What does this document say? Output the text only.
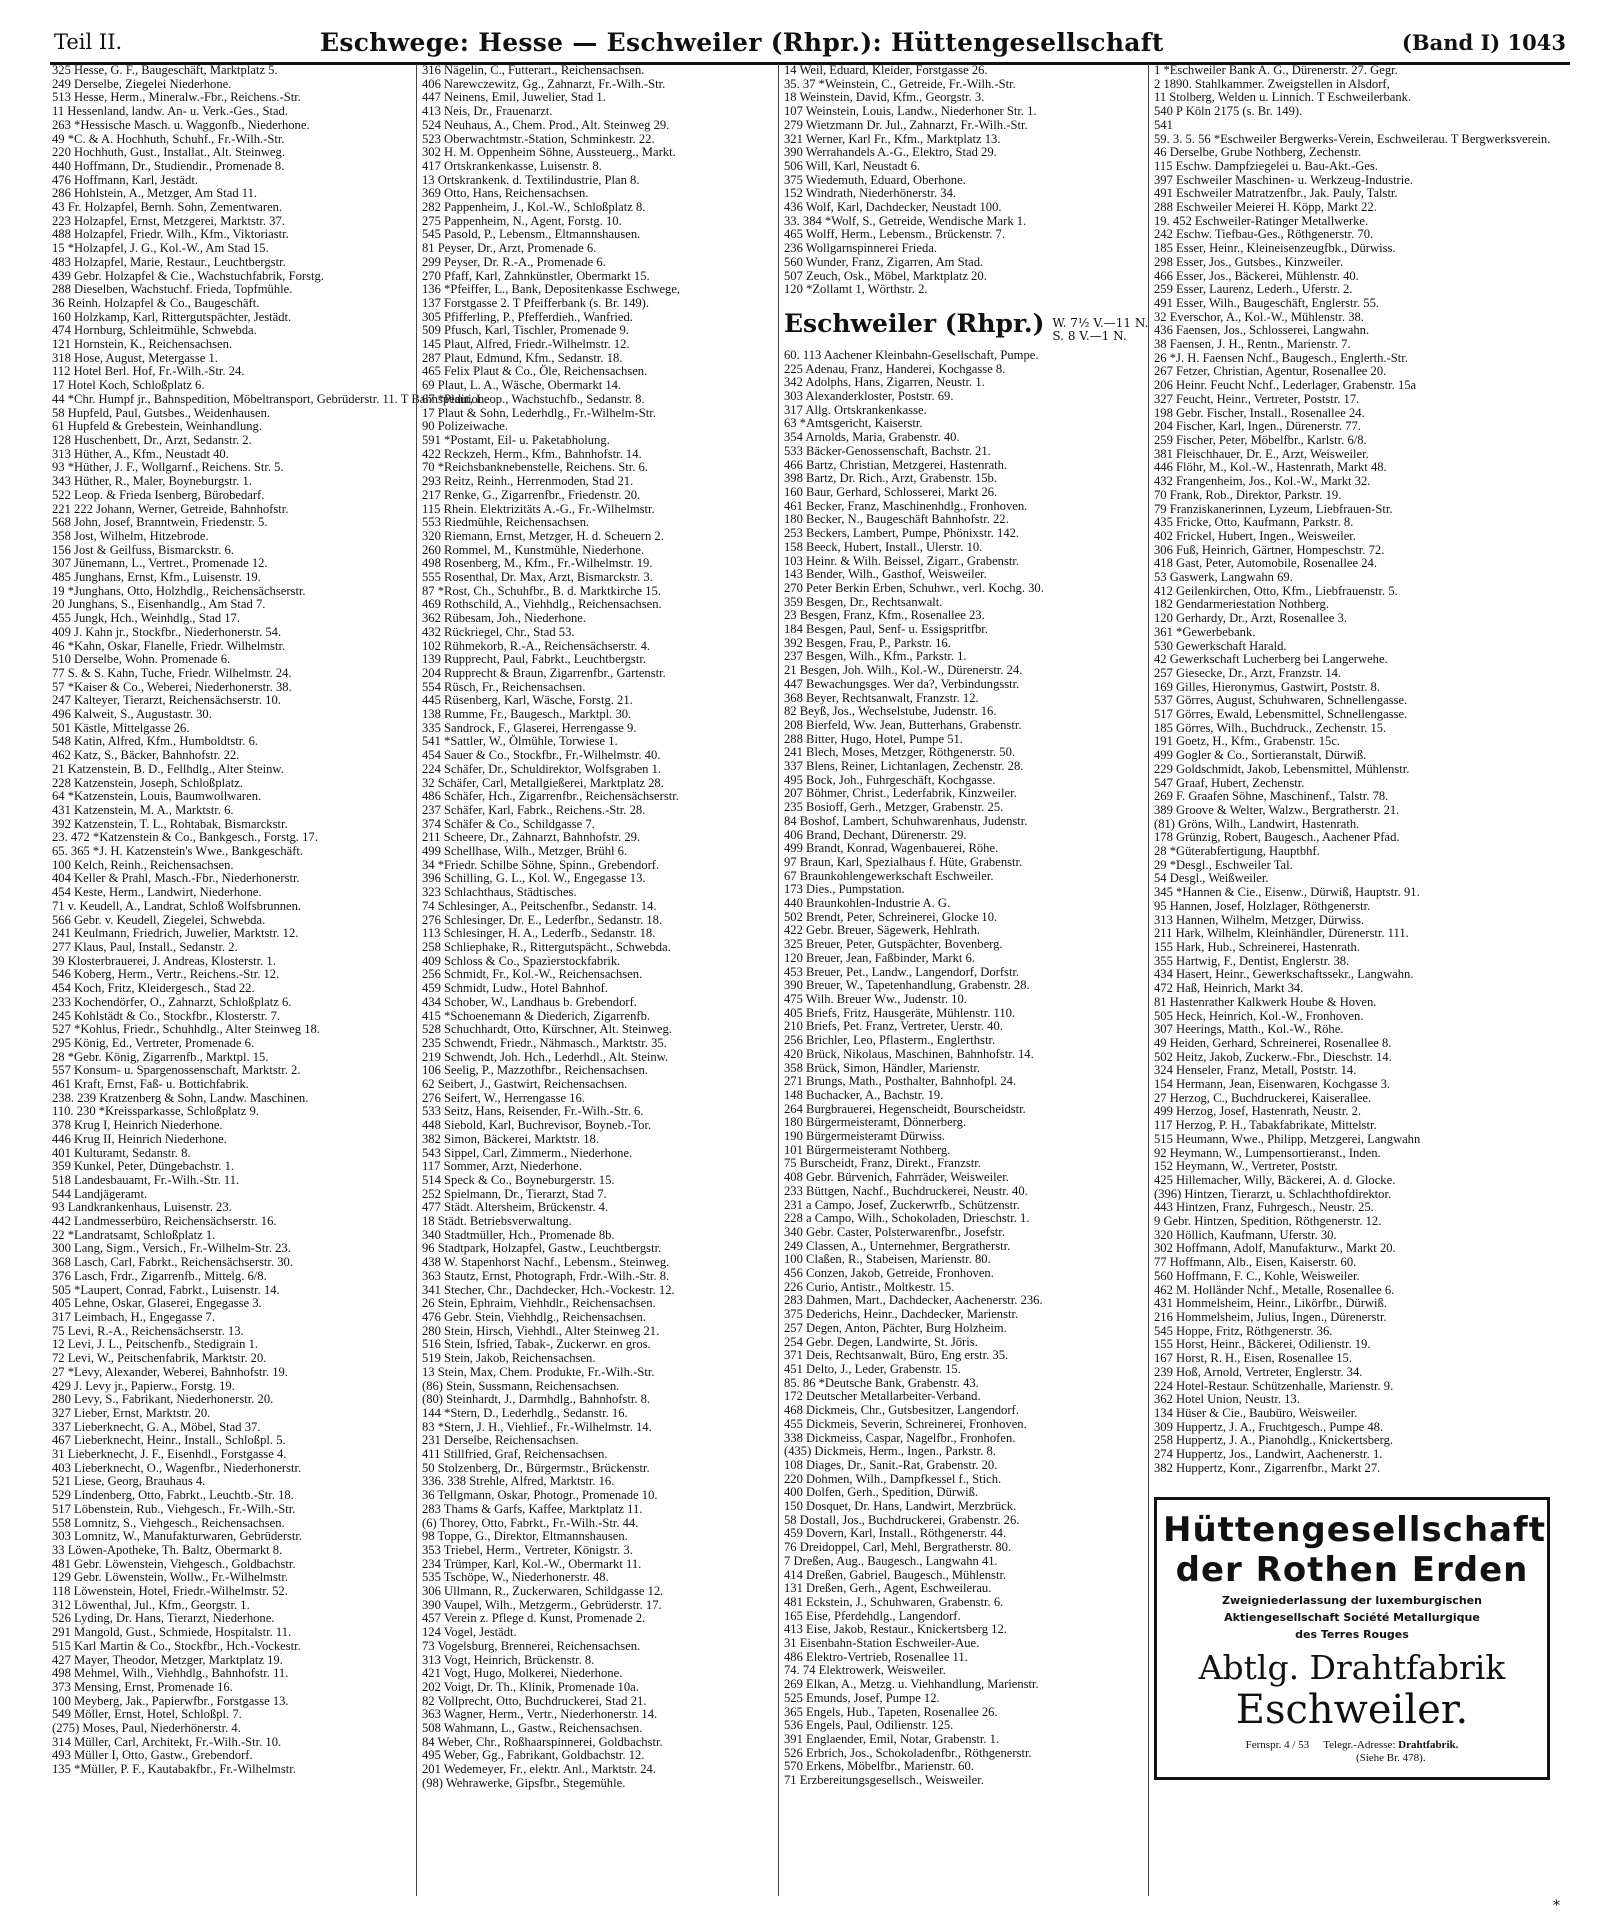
Teil II.	Eschwege: Hesse — Eschweiler (Rhpr.): Hüttengesellschaft	(Band I) 1043
325 Hesse, G. F., Baugeschäft, Marktplatz 5.
249 Derselbe, Ziegelei Niederhone.
513 Hesse, Herm., Mineralw.-Fbr., Reichens.-Str.
11 Hessenland, landw. An- u. Verk.-Ges., Stad.
263 *Hessische Masch. u. Waggonfb., Niederhone.
49 *C. & A. Hochhuth, Schuhf., Fr.-Wilh.-Str.
220 Hochhuth, Gust., Installat., Alt. Steinweg.
440 Hoffmann, Dr., Studiendir., Promenade 8.
476 Hoffmann, Karl, Jestädt.
286 Hohlstein, A., Metzger, Am Stad 11.
43 Fr. Holzapfel, Bernh. Sohn, Zementwaren.
223 Holzapfel, Ernst, Metzgerei, Marktstr. 37.
488 Holzapfel, Friedr. Wilh., Kfm., Viktoriastr.
15 *Holzapfel, J. G., Kol.-W., Am Stad 15.
483 Holzapfel, Marie, Restaur., Leuchtbergstr.
439 Gebr. Holzapfel & Cie., Wachstuchfabrik, Forstg.
288 Dieselben, Wachstuchf. Frieda, Topfmühle.
36 Reinh. Holzapfel & Co., Baugeschäft.
160 Holzkamp, Karl, Rittergutspächter, Jestädt.
474 Hornburg, Schleitmühle, Schwebda.
121 Hornstein, K., Reichensachsen.
318 Hose, August, Metergasse 1.
112 Hotel Berl. Hof, Fr.-Wilh.-Str. 24.
17 Hotel Koch, Schloßplatz 6.
44 *Chr. Humpf jr., Bahnspedition, Möbeltransport, Gebrüderstr. 11. T Bahnspedition.
58 Hupfeld, Paul, Gutsbes., Weidenhausen.
61 Hupfeld & Grebestein, Weinhandlung.
128 Huschenbett, Dr., Arzt, Sedanstr. 2.
313 Hüther, A., Kfm., Neustadt 40.
93 *Hüther, J. F., Wollgarnf., Reichens. Str. 5.
343 Hüther, R., Maler, Boyneburgstr. 1.
522 Leop. & Frieda Isenberg, Bürobedarf.
221 222 Johann, Werner, Getreide, Bahnhofstr.
568 John, Josef, Branntwein, Friedenstr. 5.
358 Jost, Wilhelm, Hitzebrode.
156 Jost & Geilfuss, Bismarckstr. 6.
307 Jünemann, L., Vertret., Promenade 12.
485 Junghans, Ernst, Kfm., Luisenstr. 19.
19 *Junghans, Otto, Holzhdlg., Reichensächserstr.
20 Junghans, S., Eisenhandlg., Am Stad 7.
455 Jungk, Hch., Weinhdlg., Stad 17.
409 J. Kahn jr., Stockfbr., Niederhonerstr. 54.
46 *Kahn, Oskar, Flanelle, Friedr. Wilhelmstr.
510 Derselbe, Wohn. Promenade 6.
77 S. & S. Kahn, Tuche, Friedr. Wilhelmstr. 24.
57 *Kaiser & Co., Weberei, Niederhonerstr. 38.
247 Kalteyer, Tierarzt, Reichensächserstr. 10.
496 Kalweit, S., Augustastr. 30.
501 Kästle, Mittelgasse 26.
548 Katin, Alfred, Kfm., Humboldtstr. 6.
462 Katz, S., Bäcker, Bahnhofstr. 22.
21 Katzenstein, B. D., Fellhdlg., Alter Steinw.
228 Katzenstein, Joseph, Schloßplatz.
64 *Katzenstein, Louis, Baumwollwaren.
431 Katzenstein, M. A., Marktstr. 6.
392 Katzenstein, T. L., Rohtabak, Bismarckstr.
23. 472 *Katzenstein & Co., Bankgesch., Forstg. 17.
65. 365 *J. H. Katzenstein's Wwe., Bankgeschäft.
100 Kelch, Reinh., Reichensachsen.
404 Keller & Prahl, Masch.-Fbr., Niederhonerstr.
454 Keste, Herm., Landwirt, Niederhone.
71 v. Keudell, A., Landrat, Schloß Wolfsbrunnen.
566 Gebr. v. Keudell, Ziegelei, Schwebda.
241 Keulmann, Friedrich, Juwelier, Marktstr. 12.
277 Klaus, Paul, Install., Sedanstr. 2.
39 Klosterbrauerei, J. Andreas, Klosterstr. 1.
546 Koberg, Herm., Vertr., Reichens.-Str. 12.
454 Koch, Fritz, Kleidergesch., Stad 22.
233 Kochendörfer, O., Zahnarzt, Schloßplatz 6.
245 Kohlstädt & Co., Stockfbr., Klosterstr. 7.
527 *Kohlus, Friedr., Schuhhdlg., Alter Steinweg 18.
295 König, Ed., Vertreter, Promenade 6.
28 *Gebr. König, Zigarrenfb., Marktpl. 15.
557 Konsum- u. Spargenossenschaft, Marktstr. 2.
461 Kraft, Ernst, Faß- u. Bottichfabrik.
238. 239 Kratzenberg & Sohn, Landw. Maschinen.
110. 230 *Kreissparkasse, Schloßplatz 9.
378 Krug I, Heinrich Niederhone.
446 Krug II, Heinrich Niederhone.
401 Kulturamt, Sedanstr. 8.
359 Kunkel, Peter, Düngebachstr. 1.
518 Landesbauamt, Fr.-Wilh.-Str. 11.
544 Landjägeramt.
93 Landkrankenhaus, Luisenstr. 23.
442 Landmesserbüro, Reichensächserstr. 16.
22 *Landratsamt, Schloßplatz 1.
300 Lang, Sigm., Versich., Fr.-Wilhelm-Str. 23.
368 Lasch, Carl, Fabrkt., Reichensächserstr. 30.
376 Lasch, Frdr., Zigarrenfb., Mittelg. 6/8.
505 *Laupert, Conrad, Fabrkt., Luisenstr. 14.
405 Lehne, Oskar, Glaserei, Engegasse 3.
317 Leimbach, H., Engegasse 7.
75 Levi, R.-A., Reichensächserstr. 13.
12 Levi, J. L., Peitschenfb., Stedigrain 1.
72 Levi, W., Peitschenfabrik, Marktstr. 20.
27 *Levy, Alexander, Weberei, Bahnhofstr. 19.
429 J. Levy jr., Papierw., Forstg. 19.
280 Levy, S., Fabrikant, Niederhonerstr. 20.
327 Lieber, Ernst, Marktstr. 20.
337 Lieberknecht, G. A., Möbel, Stad 37.
467 Lieberknecht, Heinr., Install., Schloßpl. 5.
31 Lieberknecht, J. F., Eisenhdl., Forstgasse 4.
403 Lieberknecht, O., Wagenfbr., Niederhonerstr.
521 Liese, Georg, Brauhaus 4.
529 Lindenberg, Otto, Fabrkt., Leuchtb.-Str. 18.
517 Löbenstein, Rub., Viehgesch., Fr.-Wilh.-Str.
558 Lomnitz, S., Viehgesch., Reichensachsen.
303 Lomnitz, W., Manufakturwaren, Gebrüderstr.
33 Löwen-Apotheke, Th. Baltz, Obermarkt 8.
481 Gebr. Löwenstein, Viehgesch., Goldbachstr.
129 Gebr. Löwenstein, Wollw., Fr.-Wilhelmstr.
118 Löwenstein, Hotel, Friedr.-Wilhelmstr. 52.
312 Löwenthal, Jul., Kfm., Georgstr. 1.
526 Lyding, Dr. Hans, Tierarzt, Niederhone.
291 Mangold, Gust., Schmiede, Hospitalstr. 11.
515 Karl Martin & Co., Stockfbr., Hch.-Vockestr.
427 Mayer, Theodor, Metzger, Marktplatz 19.
498 Mehmel, Wilh., Viehhdlg., Bahnhofstr. 11.
373 Mensing, Ernst, Promenade 16.
100 Meyberg, Jak., Papierwfbr., Forstgasse 13.
549 Möller, Ernst, Hotel, Schloßpl. 7.
(275) Moses, Paul, Niederhönerstr. 4.
314 Müller, Carl, Architekt, Fr.-Wilh.-Str. 10.
493 Müller I, Otto, Gastw., Grebendorf.
135 *Müller, P. F., Kautabakfbr., Fr.-Wilhelmstr.
316 Nägelin, C., Futterart., Reichensachsen.
406 Narewczewitz, Gg., Zahnarzt, Fr.-Wilh.-Str.
447 Neinens, Emil, Juwelier, Stad 1.
413 Neis, Dr., Frauenarzt.
524 Neuhaus, A., Chem. Prod., Alt. Steinweg 29.
523 Oberwachtmstr.-Station, Schminkestr. 22.
302 H. M. Oppenheim Söhne, Aussteuerg., Markt.
417 Ortskrankenkasse, Luisenstr. 8.
13 Ortskrankenk. d. Textilindustrie, Plan 8.
369 Otto, Hans, Reichensachsen.
282 Pappenheim, J., Kol.-W., Schloßplatz 8.
275 Pappenheim, N., Agent, Forstg. 10.
545 Pasold, P., Lebensm., Eltmannshausen.
81 Peyser, Dr., Arzt, Promenade 6.
299 Peyser, Dr. R.-A., Promenade 6.
270 Pfaff, Karl, Zahnkünstler, Obermarkt 15.
136 *Pfeiffer, L., Bank, Depositenkasse Eschwege,
137 Forstgasse 2. T Pfeifferbank (s. Br. 149).
305 Pfifferling, P., Pfefferdieh., Wanfried.
509 Pfusch, Karl, Tischler, Promenade 9.
145 Plaut, Alfred, Friedr.-Wilhelmstr. 12.
287 Plaut, Edmund, Kfm., Sedanstr. 18.
465 Felix Plaut & Co., Öle, Reichensachsen.
69 Plaut, L. A., Wäsche, Obermarkt 14.
67 *Plaut, Leop., Wachstuchfb., Sedanstr. 8.
17 Plaut & Sohn, Lederhdlg., Fr.-Wilhelm-Str.
90 Polizeiwache.
591 *Postamt, Eil- u. Paketabholung.
422 Reckzeh, Herm., Kfm., Bahnhofstr. 14.
70 *Reichsbanknebenstelle, Reichens. Str. 6.
293 Reitz, Reinh., Herrenmoden, Stad 21.
217 Renke, G., Zigarrenfbr., Friedenstr. 20.
115 Rhein. Elektrizitäts A.-G., Fr.-Wilhelmstr.
553 Riedmühle, Reichensachsen.
320 Riemann, Ernst, Metzger, H. d. Scheuern 2.
260 Rommel, M., Kunstmühle, Niederhone.
498 Rosenberg, M., Kfm., Fr.-Wilhelmstr. 19.
555 Rosenthal, Dr. Max, Arzt, Bismarckstr. 3.
87 *Rost, Ch., Schuhfbr., B. d. Marktkirche 15.
469 Rothschild, A., Viehhdlg., Reichensachsen.
362 Rübesam, Joh., Niederhone.
432 Rückriegel, Chr., Stad 53.
102 Rühmekorb, R.-A., Reichensächserstr. 4.
139 Rupprecht, Paul, Fabrkt., Leuchtbergstr.
204 Rupprecht & Braun, Zigarrenfbr., Gartenstr.
554 Rüsch, Fr., Reichensachsen.
445 Rüsenberg, Karl, Wäsche, Forstg. 21.
138 Rumme, Fr., Baugesch., Marktpl. 30.
335 Sandrock, F., Glaserei, Herrengasse 9.
541 *Sattler, W., Ölmühle, Torwiese 1.
454 Sauer & Co., Stockfbr., Fr.-Wilhelmstr. 40.
224 Schäfer, Dr., Schuldirektor, Wolfsgraben 1.
32 Schäfer, Carl, Metallgießerei, Marktplatz 28.
486 Schäfer, Hch., Zigarrenfbr., Reichensächserstr.
237 Schäfer, Karl, Fabrk., Reichens.-Str. 28.
374 Schäfer & Co., Schildgasse 7.
211 Scheere, Dr., Zahnarzt, Bahnhofstr. 29.
499 Schellhase, Wilh., Metzger, Brühl 6.
34 *Friedr. Schilbe Söhne, Spinn., Grebendorf.
396 Schilling, G. L., Kol. W., Engegasse 13.
323 Schlachthaus, Städtisches.
74 Schlesinger, A., Peitschenfbr., Sedanstr. 14.
276 Schlesinger, Dr. E., Lederfbr., Sedanstr. 18.
113 Schlesinger, H. A., Lederfb., Sedanstr. 18.
258 Schliephake, R., Rittergutspächt., Schwebda.
409 Schloss & Co., Spazierstockfabrik.
256 Schmidt, Fr., Kol.-W., Reichensachsen.
459 Schmidt, Ludw., Hotel Bahnhof.
434 Schober, W., Landhaus b. Grebendorf.
415 *Schoenemann & Diederich, Zigarrenfb.
528 Schuchhardt, Otto, Kürschner, Alt. Steinweg.
235 Schwendt, Friedr., Nähmasch., Marktstr. 35.
219 Schwendt, Joh. Hch., Lederhdl., Alt. Steinw.
106 Seelig, P., Mazzothfbr., Reichensachsen.
62 Seibert, J., Gastwirt, Reichensachsen.
276 Seifert, W., Herrengasse 16.
533 Seitz, Hans, Reisender, Fr.-Wilh.-Str. 6.
448 Siebold, Karl, Buchrevisor, Boyneb.-Tor.
382 Simon, Bäckerei, Marktstr. 18.
543 Sippel, Carl, Zimmerm., Niederhone.
117 Sommer, Arzt, Niederhone.
514 Speck & Co., Boyneburgerstr. 15.
252 Spielmann, Dr., Tierarzt, Stad 7.
477 Städt. Altersheim, Brückenstr. 4.
18 Städt. Betriebsverwaltung.
340 Stadtmüller, Hch., Promenade 8b.
96 Stadtpark, Holzapfel, Gastw., Leuchtbergstr.
438 W. Stapenhorst Nachf., Lebensm., Steinweg.
363 Stautz, Ernst, Photograph, Frdr.-Wilh.-Str. 8.
341 Stecher, Chr., Dachdecker, Hch.-Vockestr. 12.
26 Stein, Ephraim, Viehhdlr., Reichensachsen.
476 Gebr. Stein, Viehhdlg., Reichensachsen.
280 Stein, Hirsch, Viehhdl., Alter Steinweg 21.
516 Stein, Isfried, Tabak-, Zuckerwr. en gros.
519 Stein, Jakob, Reichensachsen.
13 Stein, Max, Chem. Produkte, Fr.-Wilh.-Str.
(86) Stein, Sussmann, Reichensachsen.
(80) Steinhardt, J., Darmhdlg., Bahnhofstr. 8.
144 *Stern, D., Lederhdlg., Sedanstr. 16.
83 *Stern, J. H., Viehlief., Fr.-Wilhelmstr. 14.
231 Derselbe, Reichensachsen.
411 Stillfried, Graf, Reichensachsen.
50 Stolzenberg, Dr., Bürgermstr., Brückenstr.
336. 338 Strehle, Alfred, Marktstr. 16.
36 Tellgmann, Oskar, Photogr., Promenade 10.
283 Thams & Garfs, Kaffee, Marktplatz 11.
(6) Thorey, Otto, Fabrkt., Fr.-Wilh.-Str. 44.
98 Toppe, G., Direktor, Eltmannshausen.
353 Triebel, Herm., Vertreter, Königstr. 3.
234 Trümper, Karl, Kol.-W., Obermarkt 11.
535 Tschöpe, W., Niederhonerstr. 48.
306 Ullmann, R., Zuckerwaren, Schildgasse 12.
390 Vaupel, Wilh., Metzgerm., Gebrüderstr. 17.
457 Verein z. Pflege d. Kunst, Promenade 2.
124 Vogel, Jestädt.
73 Vogelsburg, Brennerei, Reichensachsen.
313 Vogt, Heinrich, Brückenstr. 8.
421 Vogt, Hugo, Molkerei, Niederhone.
202 Voigt, Dr. Th., Klinik, Promenade 10a.
82 Vollprecht, Otto, Buchdruckerei, Stad 21.
363 Wagner, Herm., Vertr., Niederhonerstr. 14.
508 Wahmann, L., Gastw., Reichensachsen.
84 Weber, Chr., Roßhaarspinnerei, Goldbachstr.
495 Weber, Gg., Fabrikant, Goldbachstr. 12.
201 Wedemeyer, Fr., elektr. Anl., Marktstr. 24.
(98) Wehrawerke, Gipsfbr., Stegemühle.
14 Weil, Eduard, Kleider, Forstgasse 26.
35. 37 *Weinstein, C., Getreide, Fr.-Wilh.-Str.
18 Weinstein, David, Kfm., Georgstr. 3.
107 Weinstein, Louis, Landw., Niederhoner Str. 1.
279 Wietzmann Dr. Jul., Zahnarzt, Fr.-Wilh.-Str.
321 Werner, Karl Fr., Kfm., Marktplatz 13.
390 Werrahandels A.-G., Elektro, Stad 29.
506 Will, Karl, Neustadt 6.
375 Wiedemuth, Eduard, Oberhone.
152 Windrath, Niederhönerstr. 34.
436 Wolf, Karl, Dachdecker, Neustadt 100.
33. 384 *Wolf, S., Getreide, Wendische Mark 1.
465 Wolff, Herm., Lebensm., Brückenstr. 7.
236 Wollgarnspinnerei Frieda.
560 Wunder, Franz, Zigarren, Am Stad.
507 Zeuch, Osk., Möbel, Marktplatz 20.
120 *Zollamt 1, Wörthstr. 2.
Eschweiler (Rhpr.) W. 7½ V.—11 N.
S. 8 V.—1 N.
60. 113 Aachener Kleinbahn-Gesellschaft, Pumpe.
225 Adenau, Franz, Handerei, Kochgasse 8.
342 Adolphs, Hans, Zigarren, Neustr. 1.
303 Alexanderkloster, Poststr. 69.
317 Allg. Ortskrankenkasse.
63 *Amtsgericht, Kaiserstr.
354 Arnolds, Maria, Grabenstr. 40.
533 Bäcker-Genossenschaft, Bachstr. 21.
466 Bartz, Christian, Metzgerei, Hastenrath.
398 Bartz, Dr. Rich., Arzt, Grabenstr. 15b.
160 Baur, Gerhard, Schlosserei, Markt 26.
461 Becker, Franz, Maschinenhdlg., Fronhoven.
180 Becker, N., Baugeschäft Bahnhofstr. 22.
253 Beckers, Lambert, Pumpe, Phönixstr. 142.
158 Beeck, Hubert, Install., Ulerstr. 10.
103 Heinr. & Wilh. Beissel, Zigarr., Grabenstr.
143 Bender, Wilh., Gasthof, Weisweiler.
270 Peter Berkin Erben, Schuhwr., verl. Kochg. 30.
359 Besgen, Dr., Rechtsanwalt.
23 Besgen, Franz, Kfm., Rosenallee 23.
184 Besgen, Paul, Senf- u. Essigspritfbr.
392 Besgen, Frau, P., Parkstr. 16.
237 Besgen, Wilh., Kfm., Parkstr. 1.
21 Besgen, Joh. Wilh., Kol.-W., Dürenerstr. 24.
447 Bewachungsges. Wer da?, Verbindungsstr.
368 Beyer, Rechtsanwalt, Franzstr. 12.
82 Beyß, Jos., Wechselstube, Judenstr. 16.
208 Bierfeld, Ww. Jean, Butterhans, Grabenstr.
288 Bitter, Hugo, Hotel, Pumpe 51.
241 Blech, Moses, Metzger, Röthgenerstr. 50.
337 Blens, Reiner, Lichtanlagen, Zechenstr. 28.
495 Bock, Joh., Fuhrgeschäft, Kochgasse.
207 Böhmer, Christ., Lederfabrik, Kinzweiler.
235 Bosioff, Gerh., Metzger, Grabenstr. 25.
84 Boshof, Lambert, Schuhwarenhaus, Judenstr.
406 Brand, Dechant, Dürenerstr. 29.
499 Brandt, Konrad, Wagenbauerei, Röhe.
97 Braun, Karl, Spezialhaus f. Hüte, Grabenstr.
67 Braunkohlengewerkschaft Eschweiler.
173 Dies., Pumpstation.
440 Braunkohlen-Industrie A. G.
502 Brendt, Peter, Schreinerei, Glocke 10.
422 Gebr. Breuer, Sägewerk, Hehlrath.
325 Breuer, Peter, Gutspächter, Bovenberg.
120 Breuer, Jean, Faßbinder, Markt 6.
453 Breuer, Pet., Landw., Langendorf, Dorfstr.
390 Breuer, W., Tapetenhandlung, Grabenstr. 28.
475 Wilh. Breuer Ww., Judenstr. 10.
405 Briefs, Fritz, Hausgeräte, Mühlenstr. 110.
210 Briefs, Pet. Franz, Vertreter, Uerstr. 40.
256 Brichler, Leo, Pflasterm., Englerthstr.
420 Brück, Nikolaus, Maschinen, Bahnhofstr. 14.
358 Brück, Simon, Händler, Marienstr.
271 Brungs, Math., Posthalter, Bahnhofpl. 24.
148 Buchacker, A., Bachstr. 19.
264 Burgbrauerei, Hegenscheidt, Bourscheidstr.
180 Bürgermeisteramt, Dönnerberg.
190 Bürgermeisteramt Dürwiss.
101 Bürgermeisteramt Nothberg.
75 Burscheidt, Franz, Direkt., Franzstr.
408 Gebr. Bürvenich, Fahrräder, Weisweiler.
233 Büttgen, Nachf., Buchdruckerei, Neustr. 40.
231 a Campo, Josef, Zuckerwrfb., Schützenstr.
228 a Campo, Wilh., Schokoladen, Drieschstr. 1.
340 Gebr. Caster, Polsterwarenfbr., Josefstr.
249 Classen, A., Unternehmer, Bergratherstr.
100 Claßen, R., Stabeisen, Marienstr. 80.
456 Conzen, Jakob, Getreide, Fronhoven.
226 Curio, Antistr., Moltkestr. 15.
283 Dahmen, Mart., Dachdecker, Aachenerstr. 236.
375 Dederichs, Heinr., Dachdecker, Marienstr.
257 Degen, Anton, Pächter, Burg Holzheim.
254 Gebr. Degen, Landwirte, St. Jöris.
371 Deis, Rechtsanwalt, Büro, Eng erstr. 35.
451 Delto, J., Leder, Grabenstr. 15.
85. 86 *Deutsche Bank, Grabenstr. 43.
172 Deutscher Metallarbeiter-Verband.
468 Dickmeis, Chr., Gutsbesitzer, Langendorf.
455 Dickmeis, Severin, Schreinerei, Fronhoven.
338 Dickmeiss, Caspar, Nagelfbr., Fronhofen.
(435) Dickmeis, Herm., Ingen., Parkstr. 8.
108 Diages, Dr., Sanit.-Rat, Grabenstr. 20.
220 Dohmen, Wilh., Dampfkessel f., Stich.
400 Dolfen, Gerh., Spedition, Dürwiß.
150 Dosquet, Dr. Hans, Landwirt, Merzbrück.
58 Dostall, Jos., Buchdruckerei, Grabenstr. 26.
459 Dovern, Karl, Install., Röthgenerstr. 44.
76 Dreidoppel, Carl, Mehl, Bergratherstr. 80.
7 Dreßen, Aug., Baugesch., Langwahn 41.
414 Dreßen, Gabriel, Baugesch., Mühlenstr.
131 Dreßen, Gerh., Agent, Eschweilerau.
481 Eckstein, J., Schuhwaren, Grabenstr. 6.
165 Eise, Pferdehdlg., Langendorf.
413 Eise, Jakob, Restaur., Knickertsberg 12.
31 Eisenbahn-Station Eschweiler-Aue.
486 Elektro-Vertrieb, Rosenallee 11.
74. 74 Elektrowerk, Weisweiler.
269 Elkan, A., Metzg. u. Viehhandlung, Marienstr.
525 Emunds, Josef, Pumpe 12.
365 Engels, Hub., Tapeten, Rosenallee 26.
536 Engels, Paul, Odilienstr. 125.
391 Englaender, Emil, Notar, Grabenstr. 1.
526 Erbrich, Jos., Schokoladenfbr., Röthgenerstr.
570 Erkens, Möbelfbr., Marienstr. 60.
71 Erzbereitungsgesellsch., Weisweiler.
1 *Eschweiler Bank A. G., Dürenerstr. 27. Gegr.
2 1890. Stahlkammer. Zweigstellen in Alsdorf,
11 Stolberg, Welden u. Linnich. T Eschweilerbank.
540 P Köln 2175 (s. Br. 149).
541
59. 3. 5. 56 *Eschweiler Bergwerks-Verein, Eschweilerau. T Bergwerksverein.
46 Derselbe, Grube Nothberg, Zechenstr.
115 Eschw. Dampfziegelei u. Bau-Akt.-Ges.
397 Eschweiler Maschinen- u. Werkzeug-Industrie.
491 Eschweiler Matratzenfbr., Jak. Pauly, Talstr.
288 Eschweiler Meierei H. Köpp, Markt 22.
19. 452 Eschweiler-Ratinger Metallwerke.
242 Eschw. Tiefbau-Ges., Röthgenerstr. 70.
185 Esser, Heinr., Kleineisenzeugfbk., Dürwiss.
298 Esser, Jos., Gutsbes., Kinzweiler.
466 Esser, Jos., Bäckerei, Mühlenstr. 40.
259 Esser, Laurenz, Lederh., Uferstr. 2.
491 Esser, Wilh., Baugeschäft, Englerstr. 55.
32 Everschor, A., Kol.-W., Mühlenstr. 38.
436 Faensen, Jos., Schlosserei, Langwahn.
38 Faensen, J. H., Rentn., Marienstr. 7.
26 *J. H. Faensen Nchf., Baugesch., Englerth.-Str.
267 Fetzer, Christian, Agentur, Rosenallee 20.
206 Heinr. Feucht Nchf., Lederlager, Grabenstr. 15a
327 Feucht, Heinr., Vertreter, Poststr. 17.
198 Gebr. Fischer, Install., Rosenallee 24.
204 Fischer, Karl, Ingen., Dürenerstr. 77.
259 Fischer, Peter, Möbelfbr., Karlstr. 6/8.
381 Fleischhauer, Dr. E., Arzt, Weisweiler.
446 Flöhr, M., Kol.-W., Hastenrath, Markt 48.
432 Frangenheim, Jos., Kol.-W., Markt 32.
70 Frank, Rob., Direktor, Parkstr. 19.
79 Franziskanerinnen, Lyzeum, Liebfrauen-Str.
435 Fricke, Otto, Kaufmann, Parkstr. 8.
402 Frickel, Hubert, Ingen., Weisweiler.
306 Fuß, Heinrich, Gärtner, Hompeschstr. 72.
418 Gast, Peter, Automobile, Rosenallee 24.
53 Gaswerk, Langwahn 69.
412 Geilenkirchen, Otto, Kfm., Liebfrauenstr. 5.
182 Gendarmeriestation Nothberg.
120 Gerhardy, Dr., Arzt, Rosenallee 3.
361 *Gewerbebank.
530 Gewerkschaft Harald.
42 Gewerkschaft Lucherberg bei Langerwehe.
257 Giesecke, Dr., Arzt, Franzstr. 14.
169 Gilles, Hieronymus, Gastwirt, Poststr. 8.
537 Görres, August, Schuhwaren, Schnellengasse.
517 Görres, Ewald, Lebensmittel, Schnellengasse.
185 Görres, Wilh., Buchdruck., Zechenstr. 15.
191 Goetz, H., Kfm., Grabenstr. 15c.
499 Gogler & Co., Sortieranstalt, Dürwiß.
229 Goldschmidt, Jakob, Lebensmittel, Mühlenstr.
547 Graaf, Hubert, Zechenstr.
269 F. Graafen Söhne, Maschinenf., Talstr. 78.
389 Groove & Welter, Walzw., Bergratherstr. 21.
(81) Gröns, Wilh., Landwirt, Hastenrath.
178 Grünzig, Robert, Baugesch., Aachener Pfad.
28 *Güterabfertigung, Hauptbhf.
29 *Desgl., Eschweiler Tal.
54 Desgl., Weißweiler.
345 *Hannen & Cie., Eisenw., Dürwiß, Hauptstr. 91.
95 Hannen, Josef, Holzlager, Röthgenerstr.
313 Hannen, Wilhelm, Metzger, Dürwiss.
211 Hark, Wilhelm, Kleinhändler, Dürenerstr. 111.
155 Hark, Hub., Schreinerei, Hastenrath.
355 Hartwig, F., Dentist, Englerstr. 38.
434 Hasert, Heinr., Gewerkschaftssekr., Langwahn.
472 Haß, Heinrich, Markt 34.
81 Hastenrather Kalkwerk Hoube & Hoven.
505 Heck, Heinrich, Kol.-W., Fronhoven.
307 Heerings, Matth., Kol.-W., Röhe.
49 Heiden, Gerhard, Schreinerei, Rosenallee 8.
502 Heitz, Jakob, Zuckerw.-Fbr., Dieschstr. 14.
324 Henseler, Franz, Metall, Poststr. 14.
154 Hermann, Jean, Eisenwaren, Kochgasse 3.
27 Herzog, C., Buchdruckerei, Kaiserallee.
499 Herzog, Josef, Hastenrath, Neustr. 2.
117 Herzog, P. H., Tabakfabrikate, Mittelstr.
515 Heumann, Wwe., Philipp, Metzgerei, Langwahn
92 Heymann, W., Lumpensortieranst., Inden.
152 Heymann, W., Vertreter, Poststr.
425 Hillemacher, Willy, Bäckerei, A. d. Glocke.
(396) Hintzen, Tierarzt, u. Schlachthofdirektor.
443 Hintzen, Franz, Fuhrgesch., Neustr. 25.
9 Gebr. Hintzen, Spedition, Röthgenerstr. 12.
320 Höllich, Kaufmann, Uferstr. 30.
302 Hoffmann, Adolf, Manufakturw., Markt 20.
77 Hoffmann, Alb., Eisen, Kaiserstr. 60.
560 Hoffmann, F. C., Kohle, Weisweiler.
462 M. Holländer Nchf., Metalle, Rosenallee 6.
431 Hommelsheim, Heinr., Likörfbr., Dürwiß.
216 Hommelsheim, Julius, Ingen., Dürenerstr.
545 Hoppe, Fritz, Röthgenerstr. 36.
155 Horst, Heinr., Bäckerei, Odilienstr. 19.
167 Horst, R. H., Eisen, Rosenallee 15.
239 Hoß, Arnold, Vertreter, Englerstr. 34.
224 Hotel-Restaur. Schützenhalle, Marienstr. 9.
362 Hotel Union, Neustr. 13.
134 Hüser & Cie., Baubüro, Weisweiler.
309 Huppertz, J. A., Fruchtgesch., Pumpe 48.
258 Huppertz, J. A., Pianohdlg., Knickertsberg.
274 Huppertz, Jos., Landwirt, Aachenerstr. 1.
382 Huppertz, Konr., Zigarrenfbr., Markt 27.
Hüttengesellschaft
der Rothen Erden
Zweigniederlassung der luxemburgischen
Aktiengesellschaft Société Metallurgique
des Terres Rouges
Abtlg. Drahtfabrik
Eschweiler.
Fernspr. 4 / 53 Telegr.-Adresse: Drahtfabrik.
(Siehe Br. 478).
*
